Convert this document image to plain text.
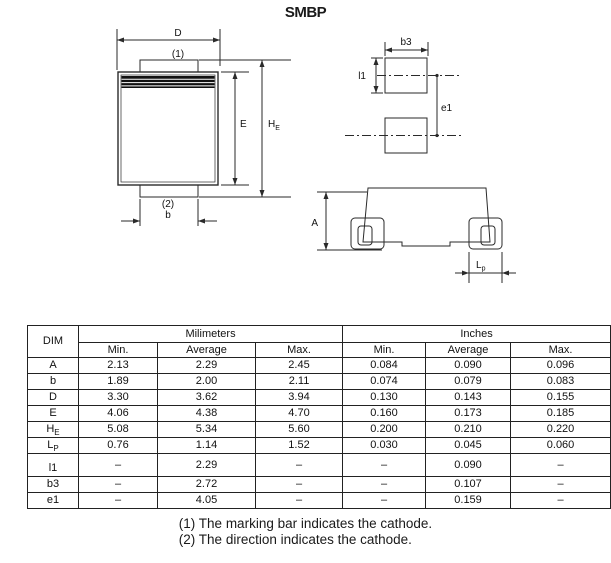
SMBP
D
(1)
(2)
b
E $H_E$
b3
l1
e1
A
$L_p$
DIM	Milimeters			Inches		
	Min.	Average	Max.	Min.	Average	Max.
A	2.13	2.29	2.45	0.084	0.090	0.096
b	1.89	2.00	2.11	0.074	0.079	0.083
D	3.30	3.62	3.94	0.130	0.143	0.155
E	4.06	4.38	4.70	0.160	0.173	0.185
$H_E$	5.08	5.34	5.60	0.200	0.210	0.220
$L_P$	0.76	1.14	1.52	0.030	0.045	0.060
l1	–	2.29	–	–	0.090	–
b3	–	2.72	–	–	0.107	–
e1	–	4.05	–	–	0.159	–
(1) The marking bar indicates the cathode.
(2) The direction indicates the cathode.
